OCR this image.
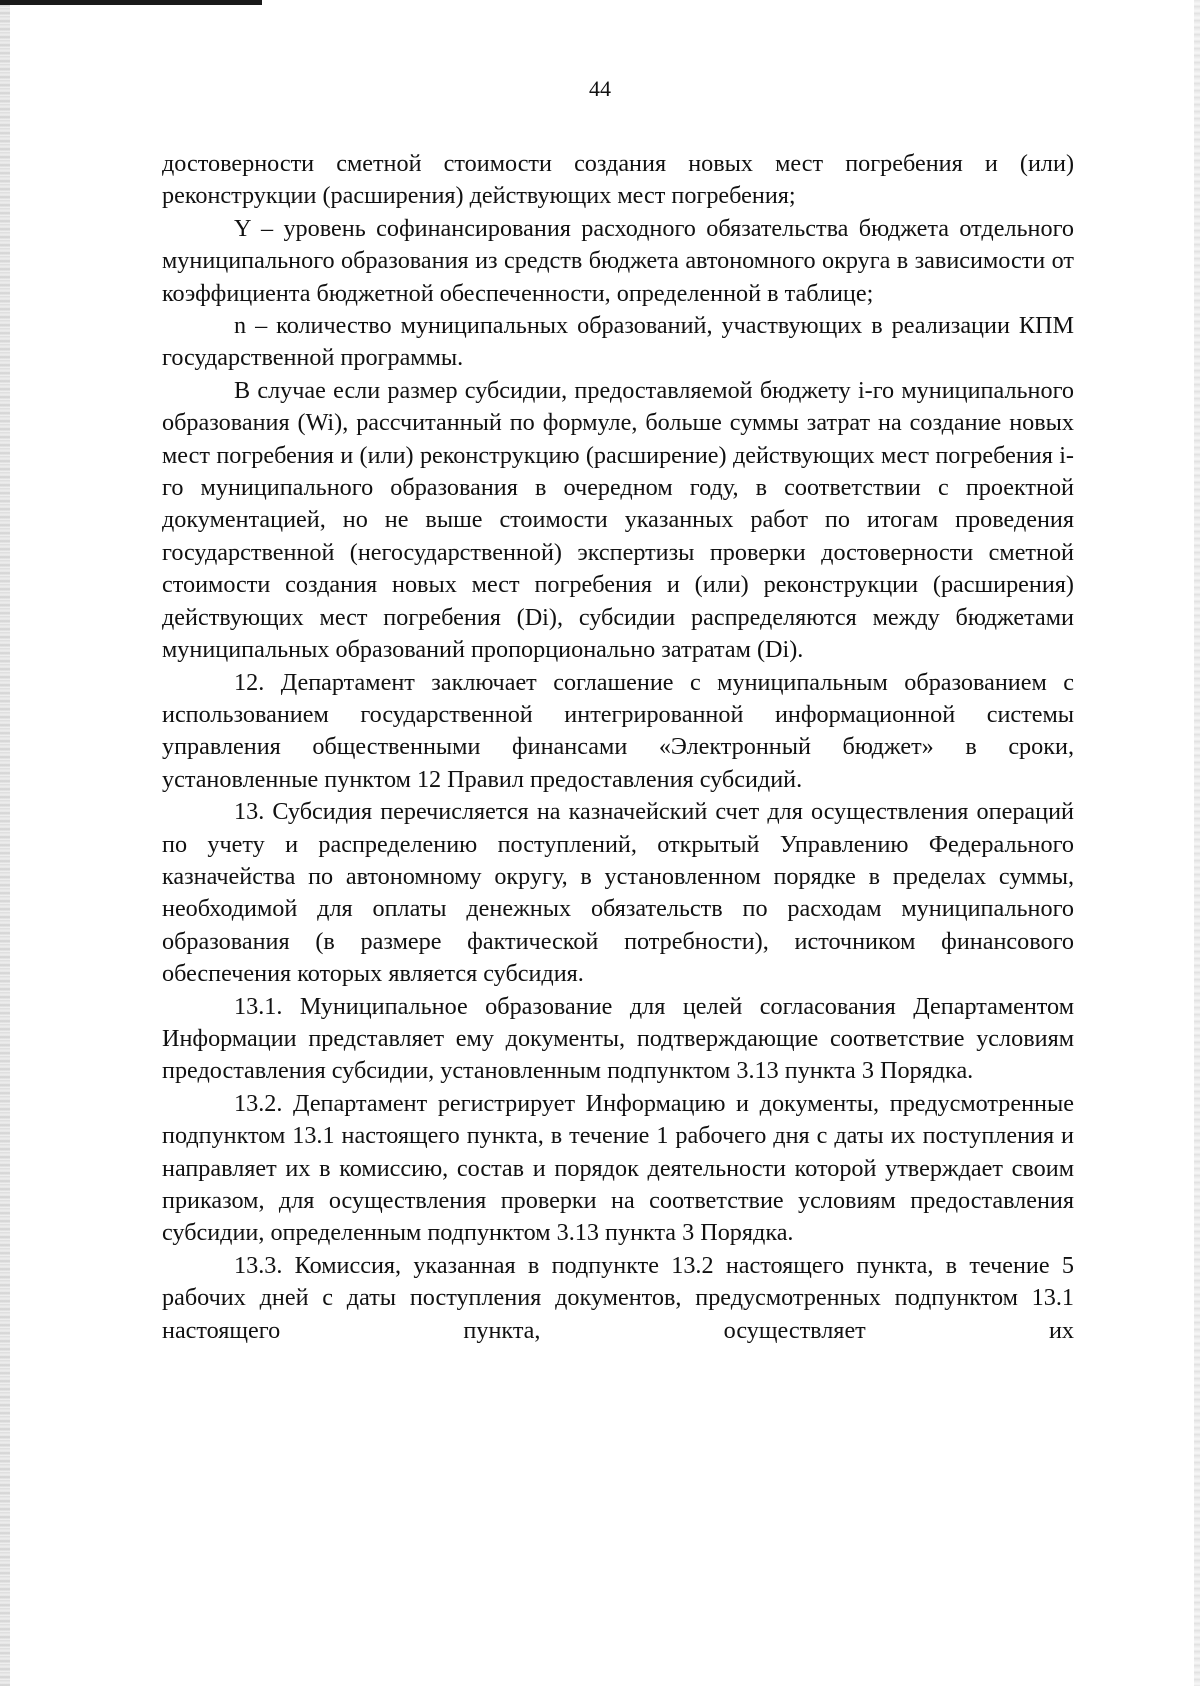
44

достоверности сметной стоимости создания новых мест погребения и (или) реконструкции (расширения) действующих мест погребения;

Y – уровень софинансирования расходного обязательства бюджета отдельного муниципального образования из средств бюджета автономного округа в зависимости от коэффициента бюджетной обеспеченности, определенной в таблице;

n – количество муниципальных образований, участвующих в реализации КПМ государственной программы.

В случае если размер субсидии, предоставляемой бюджету i-го муниципального образования (Wi), рассчитанный по формуле, больше суммы затрат на создание новых мест погребения и (или) реконструкцию (расширение) действующих мест погребения i-го муниципального образования в очередном году, в соответствии с проектной документацией, но не выше стоимости указанных работ по итогам проведения государственной (негосударственной) экспертизы проверки достоверности сметной стоимости создания новых мест погребения и (или) реконструкции (расширения) действующих мест погребения (Di), субсидии распределяются между бюджетами муниципальных образований пропорционально затратам (Di).

12. Департамент заключает соглашение с муниципальным образованием с использованием государственной интегрированной информационной системы управления общественными финансами «Электронный бюджет» в сроки, установленные пунктом 12 Правил предоставления субсидий.

13. Субсидия перечисляется на казначейский счет для осуществления операций по учету и распределению поступлений, открытый Управлению Федерального казначейства по автономному округу, в установленном порядке в пределах суммы, необходимой для оплаты денежных обязательств по расходам муниципального образования (в размере фактической потребности), источником финансового обеспечения которых является субсидия.

13.1. Муниципальное образование для целей согласования Департаментом Информации представляет ему документы, подтверждающие соответствие условиям предоставления субсидии, установленным подпунктом 3.13 пункта 3 Порядка.

13.2. Департамент регистрирует Информацию и документы, предусмотренные подпунктом 13.1 настоящего пункта, в течение 1 рабочего дня с даты их поступления и направляет их в комиссию, состав и порядок деятельности которой утверждает своим приказом, для осуществления проверки на соответствие условиям предоставления субсидии, определенным подпунктом 3.13 пункта 3 Порядка.

13.3. Комиссия, указанная в подпункте 13.2 настоящего пункта, в течение 5 рабочих дней с даты поступления документов, предусмотренных подпунктом 13.1 настоящего пункта, осуществляет их
